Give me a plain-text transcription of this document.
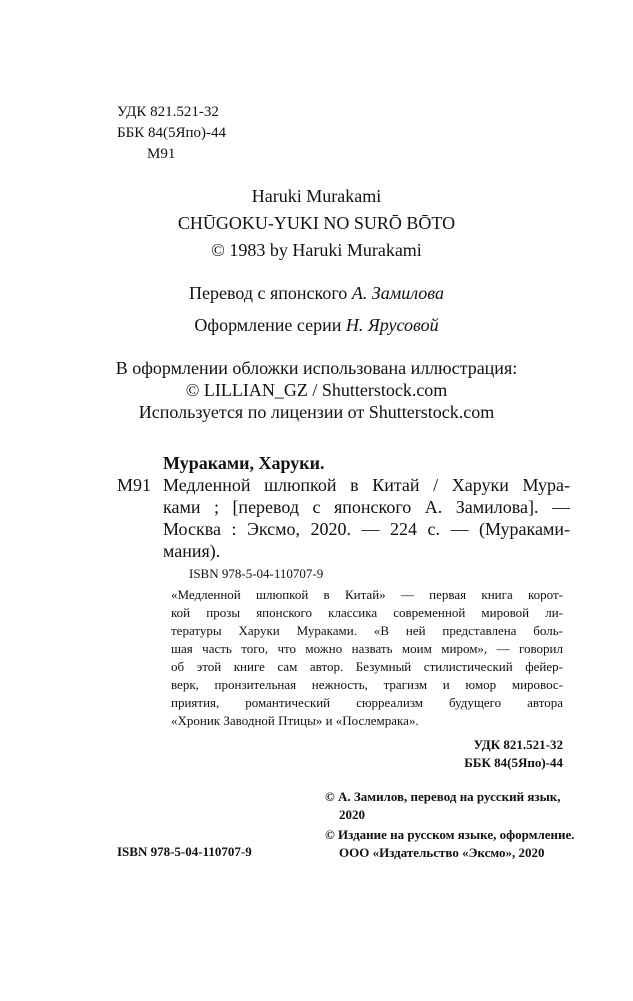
УДК 821.521-32
ББК 84(5Япо)-44
М91
Haruki Murakami
CHŪGOKU-YUKI NO SURŌ BŌTO
© 1983 by Haruki Murakami
Перевод с японского А. Замилова
Оформление серии Н. Ярусовой
В оформлении обложки использована иллюстрация:
© LILLIAN_GZ / Shutterstock.com
Используется по лицензии от Shutterstock.com
Мураками, Харуки.
М91 Медленной шлюпкой в Китай / Харуки Мура-
ками ; [перевод с японского А. Замилова]. —
Москва : Эксмо, 2020. — 224 с. — (Мураками-
мания).
ISBN 978-5-04-110707-9
«Медленной шлюпкой в Китай» — первая книга корот-
кой прозы японского классика современной мировой ли-
тературы Харуки Мураками. «В ней представлена боль-
шая часть того, что можно назвать моим миром», — говорил
об этой книге сам автор. Безумный стилистический фейер-
верк, пронзительная нежность, трагизм и юмор мировос-
приятия, романтический сюрреализм будущего автора
«Хроник Заводной Птицы» и «Послемрака».
УДК 821.521-32
ББК 84(5Япо)-44
© А. Замилов, перевод на русский язык,
2020
© Издание на русском языке, оформление.
ООО «Издательство «Эксмо», 2020
ISBN 978-5-04-110707-9
